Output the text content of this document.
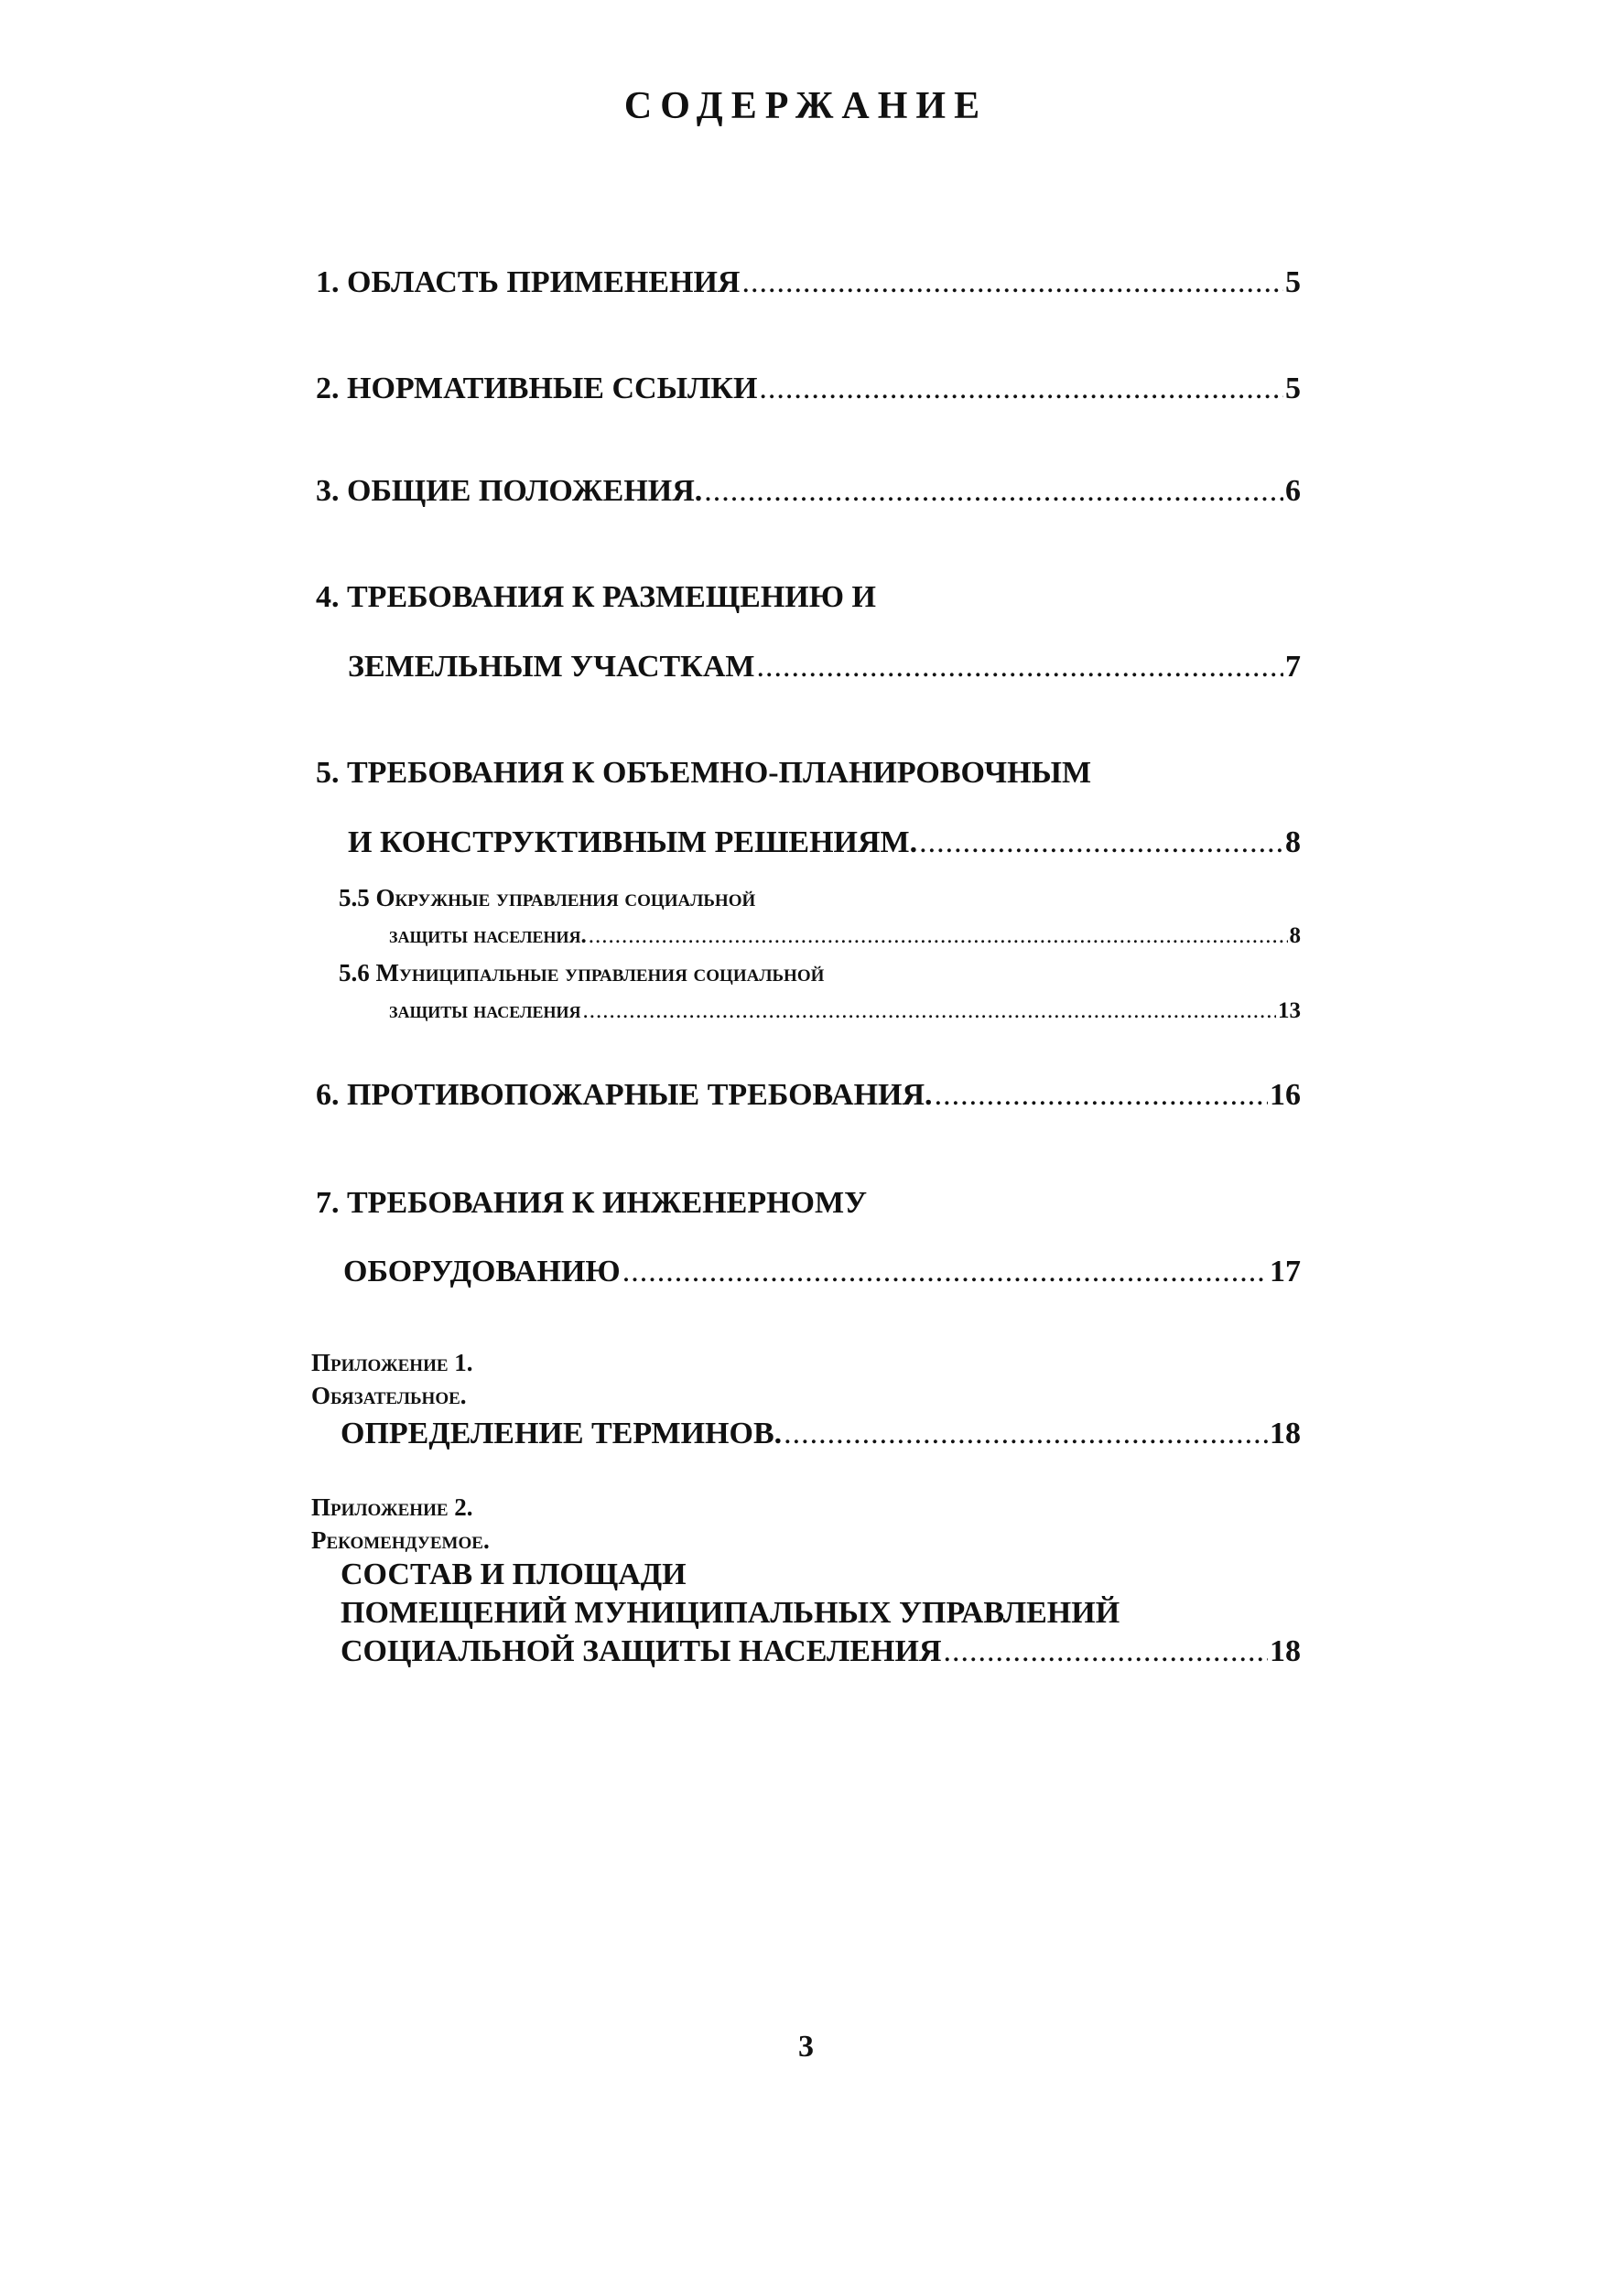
СОДЕРЖАНИЕ
1. ОБЛАСТЬ ПРИМЕНЕНИЯ .....	5
2. НОРМАТИВНЫЕ ССЫЛКИ .....	5
3. ОБЩИЕ ПОЛОЖЕНИЯ. .....	6
4. ТРЕБОВАНИЯ К РАЗМЕЩЕНИЮ И
ЗЕМЕЛЬНЫМ УЧАСТКАМ .....	7
5. ТРЕБОВАНИЯ К ОБЪЕМНО-ПЛАНИРОВОЧНЫМ
И КОНСТРУКТИВНЫМ РЕШЕНИЯМ. .....	8
5.5 Окружные управления социальной
защиты населения. .....	8
5.6 Муниципальные управления социальной
защиты населения .....	13
6. ПРОТИВОПОЖАРНЫЕ ТРЕБОВАНИЯ. .....	16
7. ТРЕБОВАНИЯ К ИНЖЕНЕРНОМУ
ОБОРУДОВАНИЮ .....	17
Приложение 1.
Обязательное.
ОПРЕДЕЛЕНИЕ ТЕРМИНОВ. .....	18
Приложение 2.
Рекомендуемое.
СОСТАВ И ПЛОЩАДИ
ПОМЕЩЕНИЙ МУНИЦИПАЛЬНЫХ УПРАВЛЕНИЙ
СОЦИАЛЬНОЙ ЗАЩИТЫ НАСЕЛЕНИЯ .....	18
3
